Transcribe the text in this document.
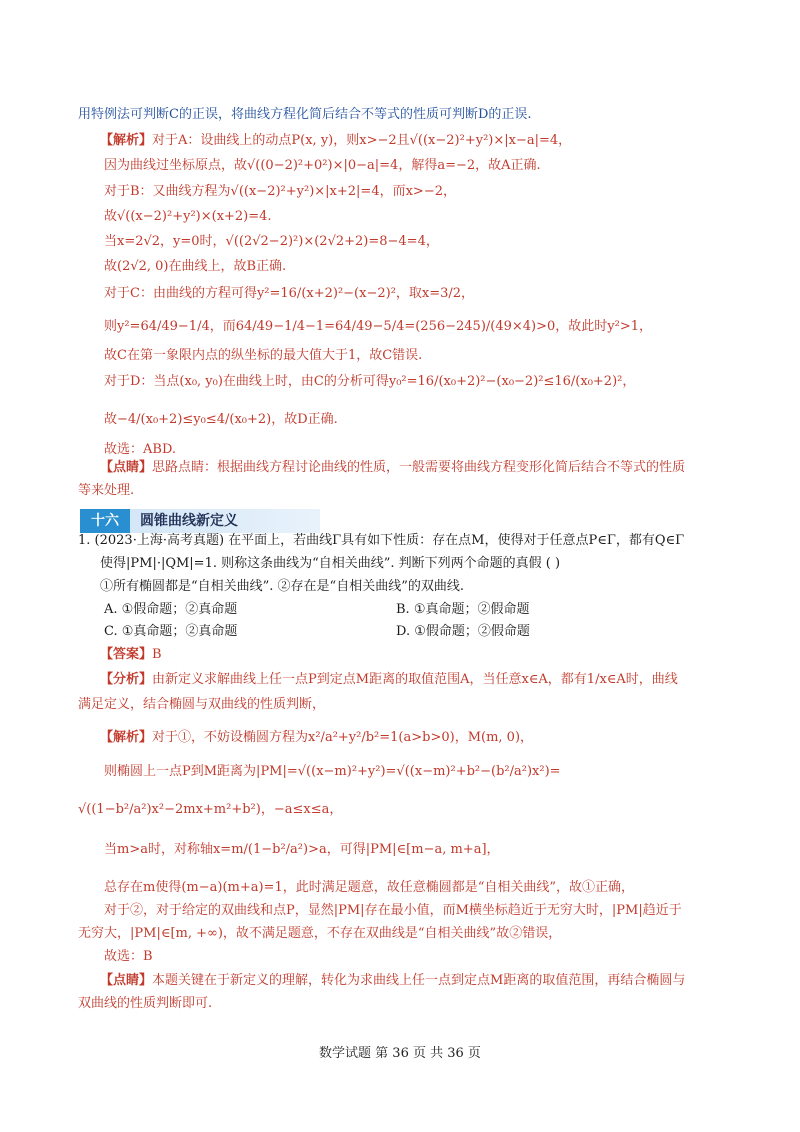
用特例法可判断C的正误，将曲线方程化简后结合不等式的性质可判断D的正误.
【解析】对于A：设曲线上的动点P(x, y)，则x>−2且√((x−2)²+y²)×|x−a|=4，
因为曲线过坐标原点，故√((0−2)²+0²)×|0−a|=4，解得a=−2，故A正确.
对于B：又曲线方程为√((x−2)²+y²)×|x+2|=4，而x>−2，
故√((x−2)²+y²)×(x+2)=4.
当x=2√2，y=0时，√((2√2−2)²)×(2√2+2)=8−4=4，
故(2√2, 0)在曲线上，故B正确.
对于C：由曲线的方程可得y²=16/(x+2)²−(x−2)²，取x=3/2，
则y²=64/49−1/4，而64/49−1/4−1=64/49−5/4=(256−245)/(49×4)>0，故此时y²>1，
故C在第一象限内点的纵坐标的最大值大于1，故C错误.
对于D：当点(x₀, y₀)在曲线上时，由C的分析可得y₀²=16/(x₀+2)²−(x₀−2)²≤16/(x₀+2)²，
故−4/(x₀+2)≤y₀≤4/(x₀+2)，故D正确.
故选：ABD.
【点睛】思路点睛：根据曲线方程讨论曲线的性质，一般需要将曲线方程变形化简后结合不等式的性质
等来处理.
1. (2023·上海·高考真题) 在平面上，若曲线Γ具有如下性质：存在点M，使得对于任意点P∈Γ，都有Q∈Γ
使得|PM|·|QM|=1. 则称这条曲线为“自相关曲线”. 判断下列两个命题的真假 ( )
①所有椭圆都是“自相关曲线”. ②存在是“自相关曲线”的双曲线.
A. ①假命题；②真命题	B. ①真命题；②假命题
C. ①真命题；②真命题	D. ①假命题；②假命题
【答案】B
【分析】由新定义求解曲线上任一点P到定点M距离的取值范围A，当任意x∈A，都有1/x∈A时，曲线
满足定义，结合椭圆与双曲线的性质判断，
【解析】对于①，不妨设椭圆方程为x²/a²+y²/b²=1(a>b>0)，M(m, 0)，
则椭圆上一点P到M距离为|PM|=√((x−m)²+y²)=√((x−m)²+b²−(b²/a²)x²)=
√((1−b²/a²)x²−2mx+m²+b²)，−a≤x≤a，
当m>a时，对称轴x=m/(1−b²/a²)>a，可得|PM|∈[m−a, m+a]，
总存在m使得(m−a)(m+a)=1，此时满足题意，故任意椭圆都是“自相关曲线”，故①正确，
对于②，对于给定的双曲线和点P，显然|PM|存在最小值，而M横坐标趋近于无穷大时，|PM|趋近于
无穷大，|PM|∈[m, +∞)，故不满足题意，不存在双曲线是“自相关曲线”故②错误，
故选：B
【点睛】本题关键在于新定义的理解，转化为求曲线上任一点到定点M距离的取值范围，再结合椭圆与
双曲线的性质判断即可.
十六	圆锥曲线新定义
数学试题 第 36 页 共 36 页
